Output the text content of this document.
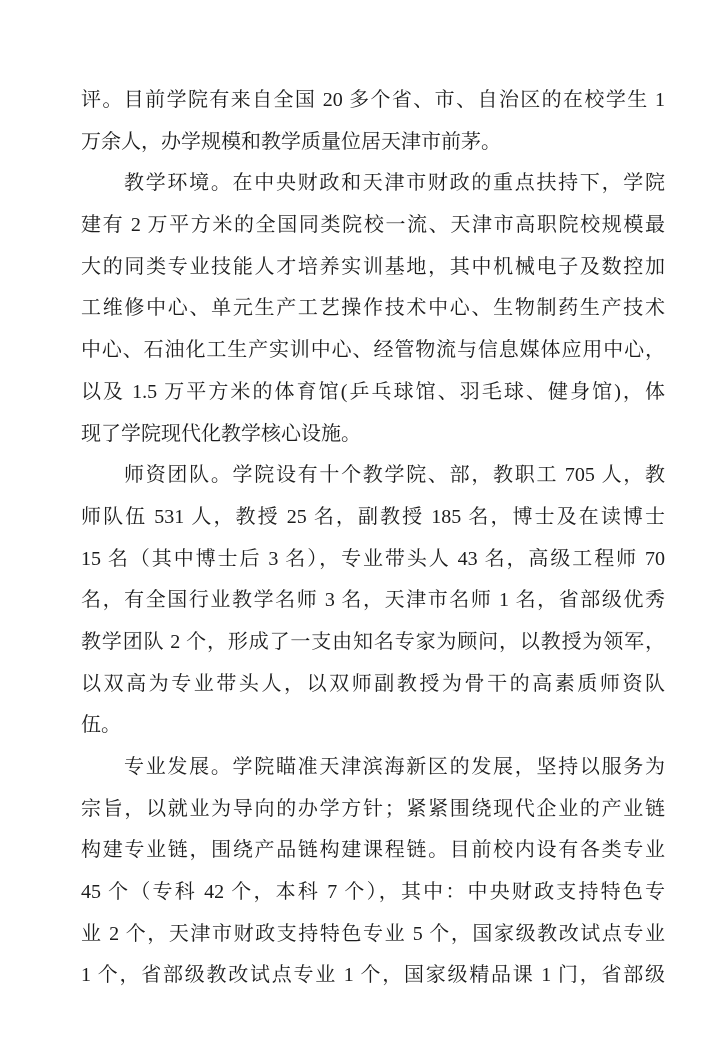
评。目前学院有来自全国 20 多个省、市、自治区的在校学生 1
万余人，办学规模和教学质量位居天津市前茅。
教学环境。在中央财政和天津市财政的重点扶持下，学院
建有 2 万平方米的全国同类院校一流、天津市高职院校规模最
大的同类专业技能人才培养实训基地，其中机械电子及数控加
工维修中心、单元生产工艺操作技术中心、生物制药生产技术
中心、石油化工生产实训中心、经管物流与信息媒体应用中心，
以及 1.5 万平方米的体育馆(乒乓球馆、羽毛球、健身馆)，体
现了学院现代化教学核心设施。
师资团队。学院设有十个教学院、部，教职工 705 人，教
师队伍 531 人，教授 25 名，副教授 185 名，博士及在读博士
15 名（其中博士后 3 名），专业带头人 43 名，高级工程师 70
名，有全国行业教学名师 3 名，天津市名师 1 名，省部级优秀
教学团队 2 个，形成了一支由知名专家为顾问，以教授为领军，
以双高为专业带头人，以双师副教授为骨干的高素质师资队
伍。
专业发展。学院瞄准天津滨海新区的发展，坚持以服务为
宗旨，以就业为导向的办学方针；紧紧围绕现代企业的产业链
构建专业链，围绕产品链构建课程链。目前校内设有各类专业
45 个（专科 42 个，本科 7 个），其中：中央财政支持特色专
业 2 个，天津市财政支持特色专业 5 个，国家级教改试点专业
1 个，省部级教改试点专业 1 个，国家级精品课 1 门，省部级
